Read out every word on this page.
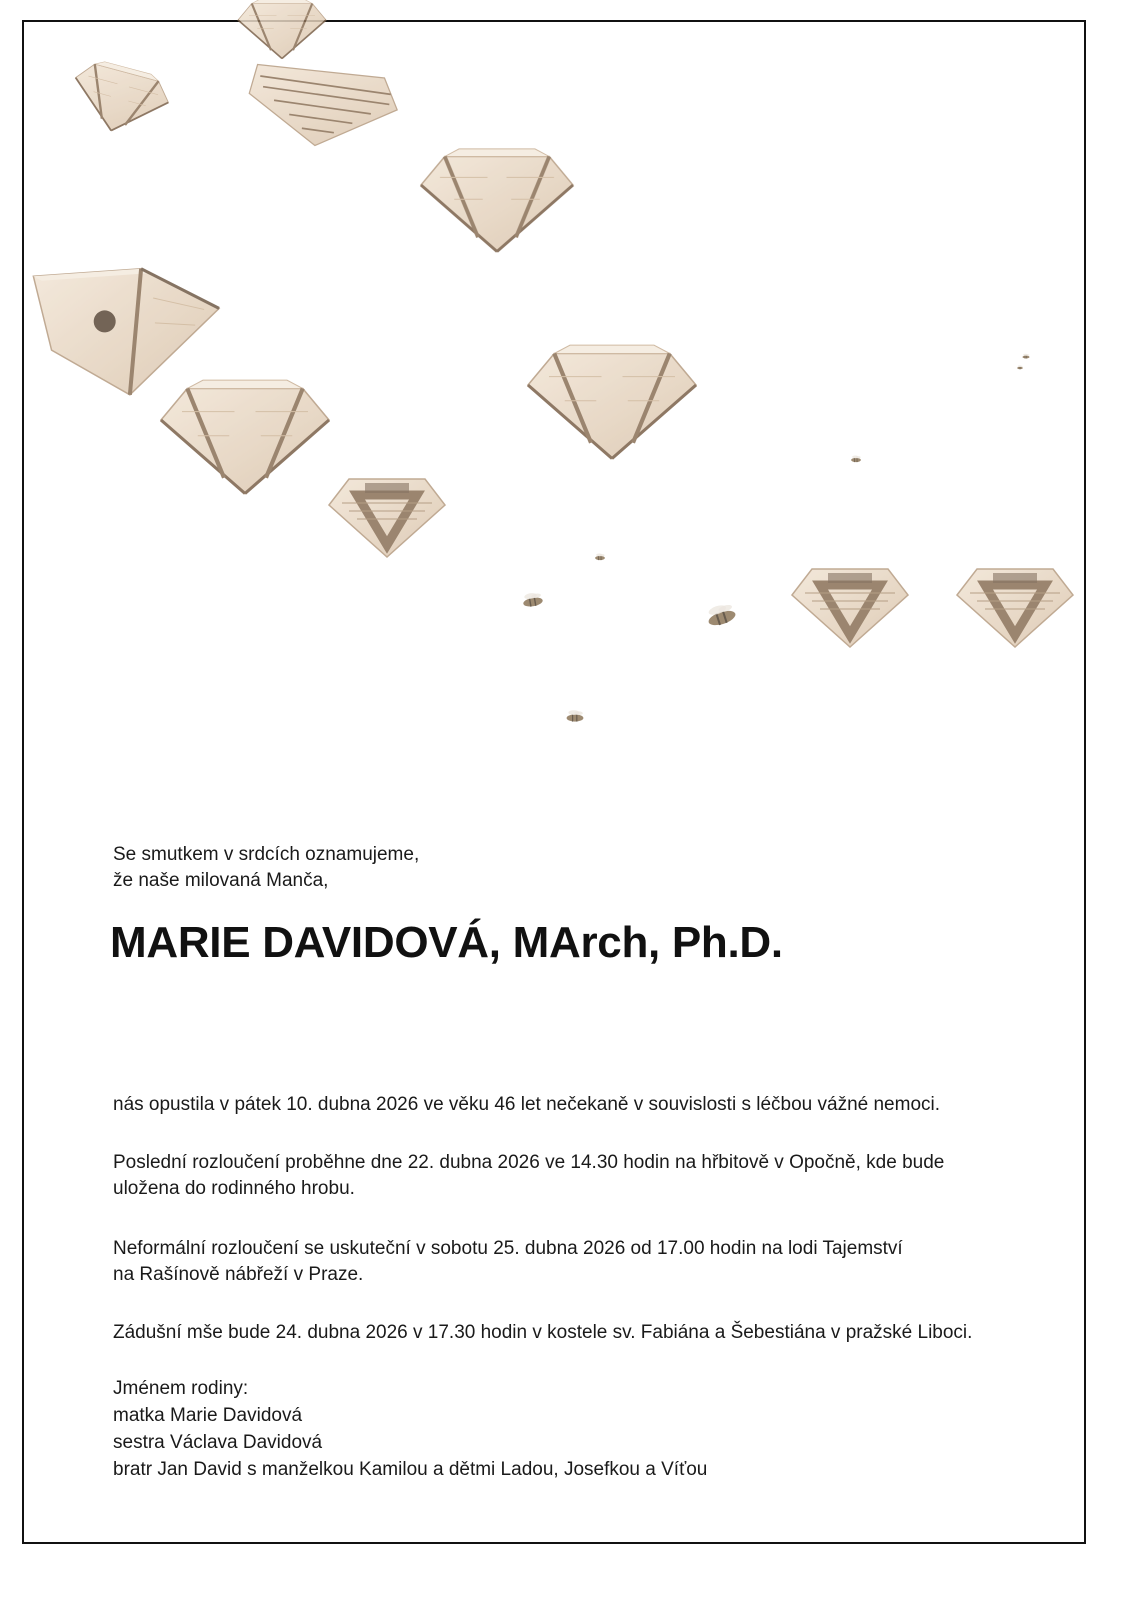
Se smutkem v srdcích oznamujeme,
že naše milovaná Manča,
MARIE DAVIDOVÁ, MArch, Ph.D.
nás opustila v pátek 10. dubna 2026 ve věku 46 let nečekaně v souvislosti s léčbou vážné nemoci.
Poslední rozloučení proběhne dne 22. dubna 2026 ve 14.30 hodin na hřbitově v Opočně, kde bude
uložena do rodinného hrobu.
Neformální rozloučení se uskuteční v sobotu 25. dubna 2026 od 17.00 hodin na lodi Tajemství
na Rašínově nábřeží v Praze.
Zádušní mše bude 24. dubna 2026 v 17.30 hodin v kostele sv. Fabiána a Šebestiána v pražské Liboci.
Jménem rodiny:
matka Marie Davidová
sestra Václava Davidová
bratr Jan David s manželkou Kamilou a dětmi Ladou, Josefkou a Víťou
